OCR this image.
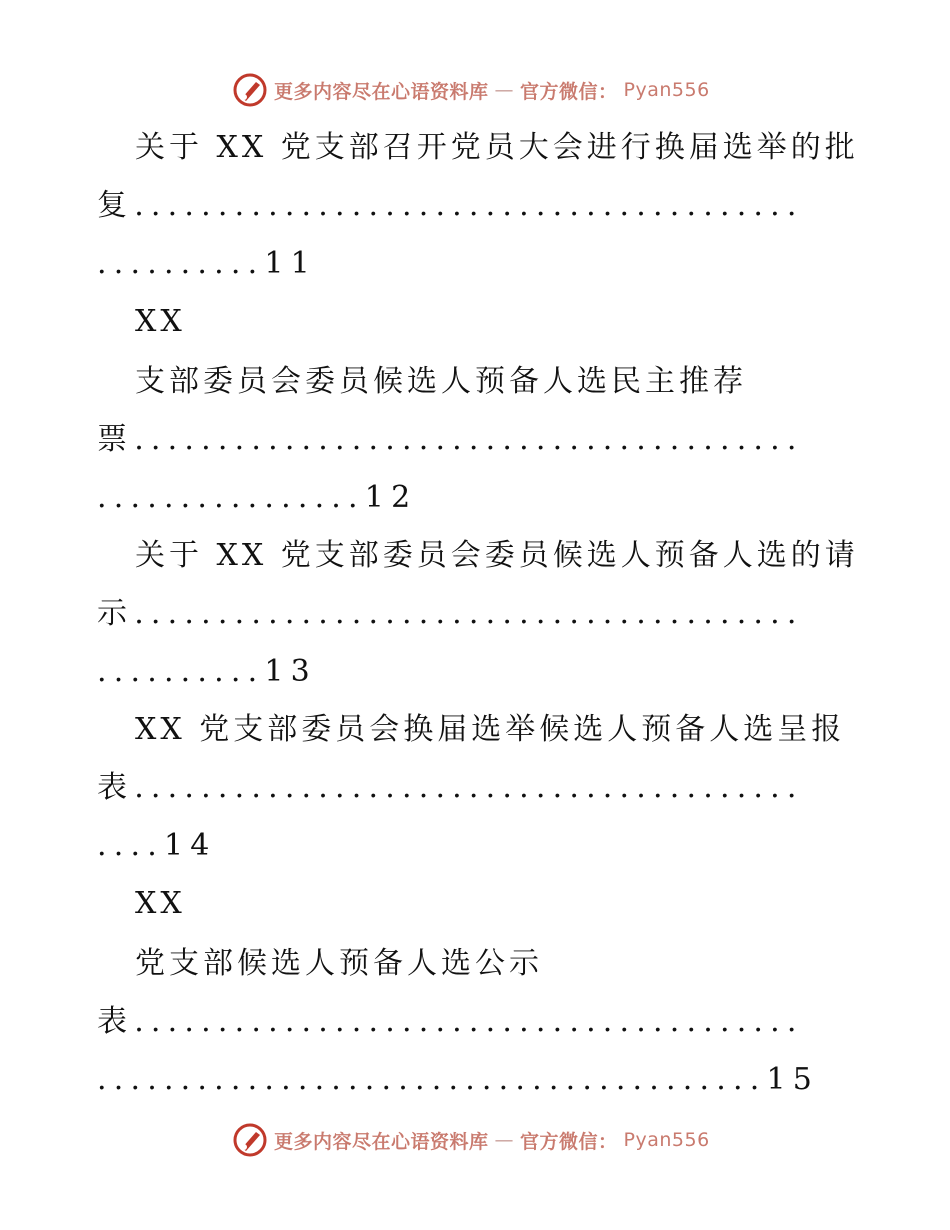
更多内容尽在心语资料库 — 官方微信： Pyan556
关于 XX 党支部召开党员大会进行换届选举的批
复........................................
..........11
XX
支部委员会委员候选人预备人选民主推荐
票........................................
................12
关于 XX 党支部委员会委员候选人预备人选的请
示........................................
..........13
XX 党支部委员会换届选举候选人预备人选呈报
表........................................
....14
XX
党支部候选人预备人选公示
表........................................
........................................15
更多内容尽在心语资料库 — 官方微信： Pyan556
